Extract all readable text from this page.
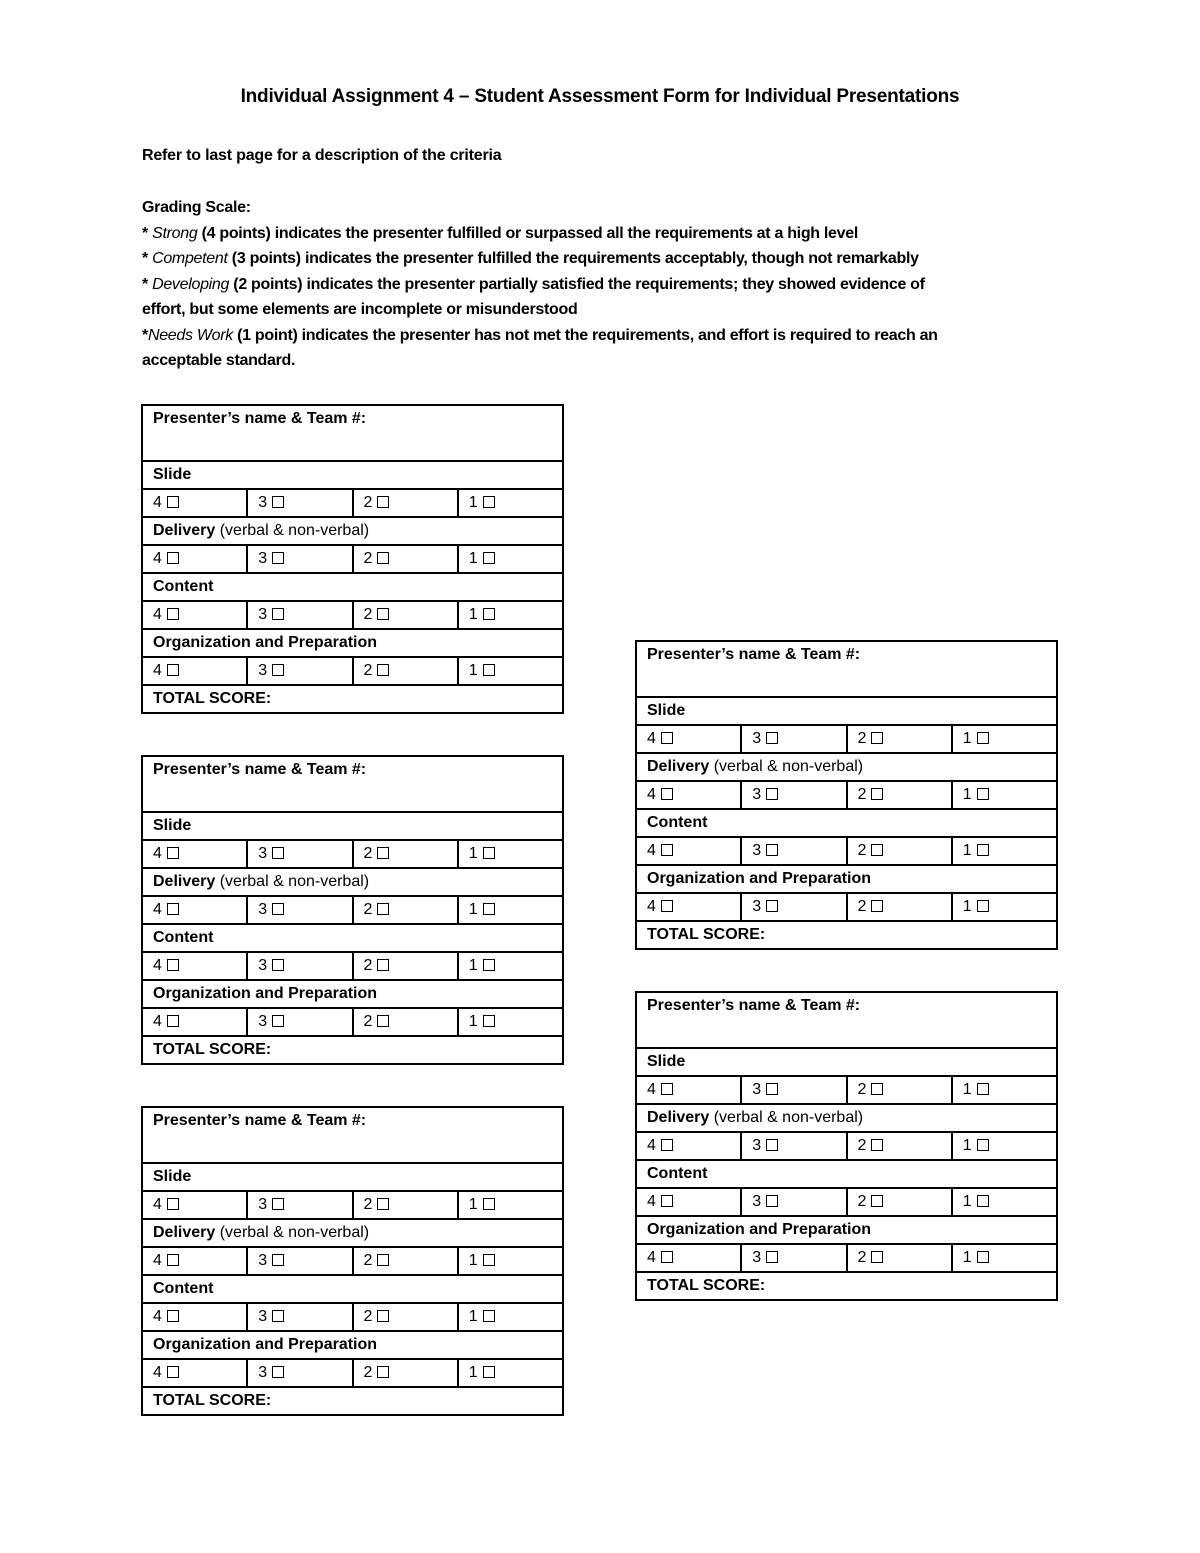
Individual Assignment 4 – Student Assessment Form for Individual Presentations
Refer to last page for a description of the criteria
Grading Scale:
* Strong (4 points) indicates the presenter fulfilled or surpassed all the requirements at a high level
* Competent (3 points) indicates the presenter fulfilled the requirements acceptably, though not remarkably
* Developing (2 points) indicates the presenter partially satisfied the requirements; they showed evidence of
effort, but some elements are incomplete or misunderstood
*Needs Work (1 point) indicates the presenter has not met the requirements, and effort is required to reach an
acceptable standard.
Presenter’s name & Team #:			
Slide			
4	3	2	1
Delivery (verbal & non-verbal)			
4	3	2	1
Content			
4	3	2	1
Organization and Preparation			
4	3	2	1
TOTAL SCORE:			
Presenter’s name & Team #:			
Slide			
4	3	2	1
Delivery (verbal & non-verbal)			
4	3	2	1
Content			
4	3	2	1
Organization and Preparation			
4	3	2	1
TOTAL SCORE:			
Presenter’s name & Team #:			
Slide			
4	3	2	1
Delivery (verbal & non-verbal)			
4	3	2	1
Content			
4	3	2	1
Organization and Preparation			
4	3	2	1
TOTAL SCORE:			
Presenter’s name & Team #:			
Slide			
4	3	2	1
Delivery (verbal & non-verbal)			
4	3	2	1
Content			
4	3	2	1
Organization and Preparation			
4	3	2	1
TOTAL SCORE:			
Presenter’s name & Team #:			
Slide			
4	3	2	1
Delivery (verbal & non-verbal)			
4	3	2	1
Content			
4	3	2	1
Organization and Preparation			
4	3	2	1
TOTAL SCORE:			
